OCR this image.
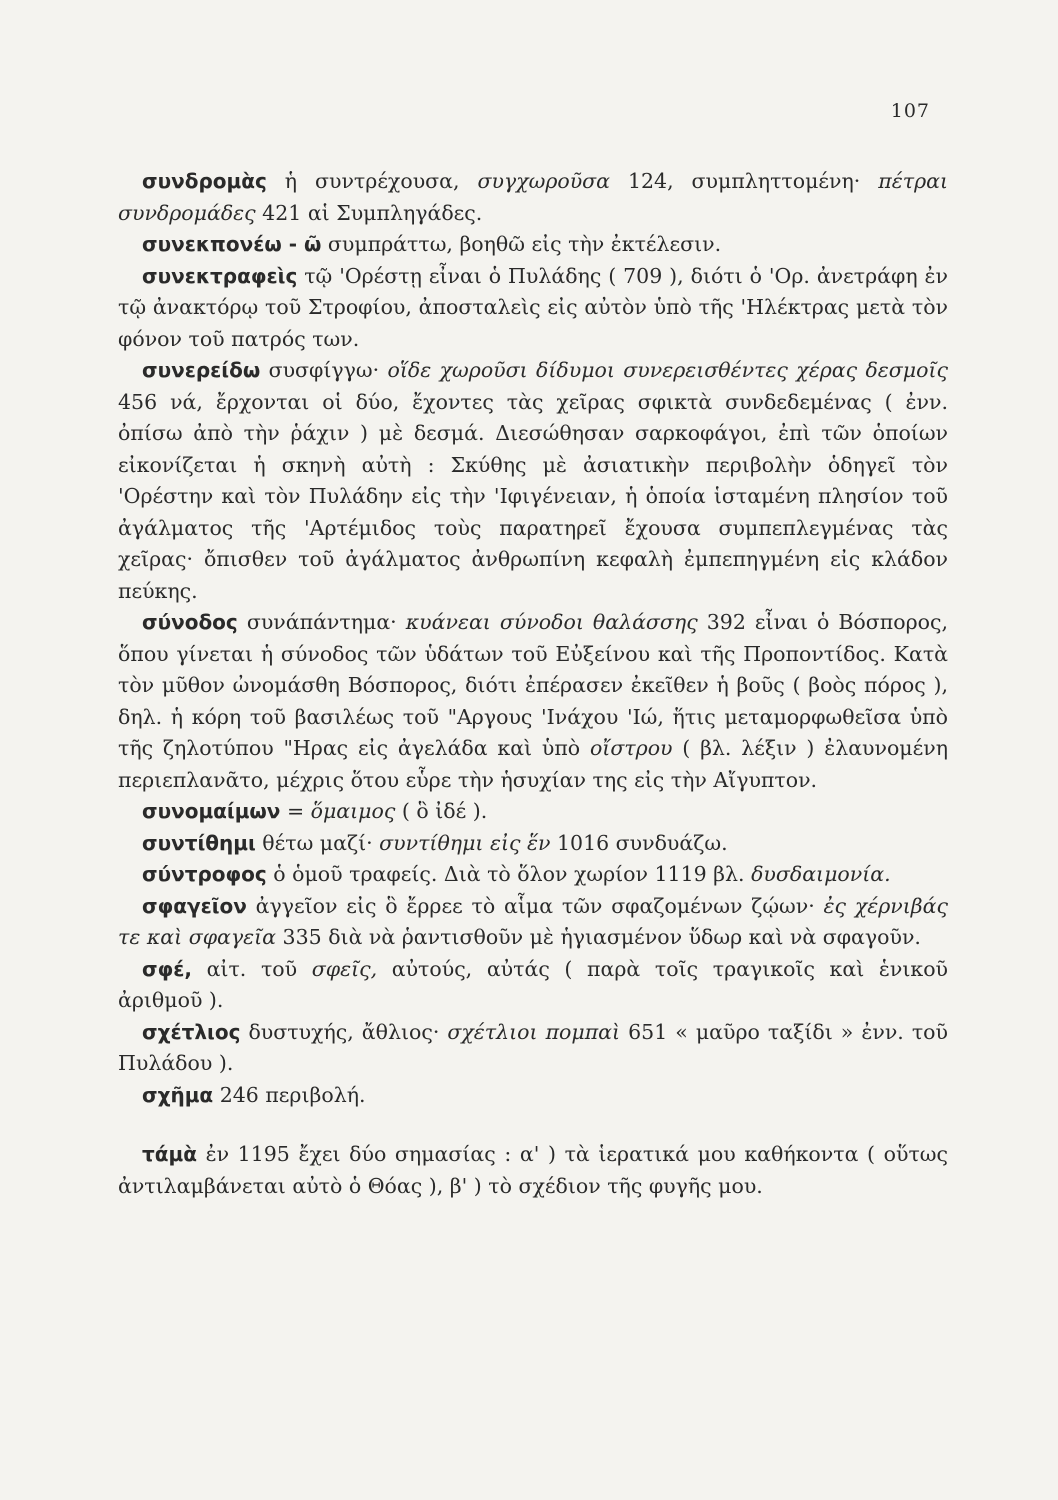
107

συνδρομὰς ἡ συντρέχουσα, συγχωροῦσα 124, συμπληττομένη· πέτραι συνδρομάδες 421 αἱ Συμπληγάδες.

συνεκπονέω - ῶ συμπράττω, βοηθῶ εἰς τὴν ἐκτέλεσιν.

συνεκτραφεὶς τῷ 'Ορέστῃ εἶναι ὁ Πυλάδης ( 709 ), διότι ὁ 'Ορ. ἀνετράφη ἐν τῷ ἀνακτόρῳ τοῦ Στροφίου, ἀποσταλεὶς εἰς αὐτὸν ὑπὸ τῆς 'Ηλέκτρας μετὰ τὸν φόνον τοῦ πατρός των.

συνερείδω συσφίγγω· οἵδε χωροῦσι δίδυμοι συνερεισθέντες χέρας δεσμοῖς 456 νά, ἔρχονται οἱ δύο, ἔχοντες τὰς χεῖρας σφικτὰ συνδεδεμένας ( ἐνν. ὀπίσω ἀπὸ τὴν ῥάχιν ) μὲ δεσμά. Διεσώθησαν σαρκοφάγοι, ἐπὶ τῶν ὁποίων εἰκονίζεται ἡ σκηνὴ αὐτὴ : Σκύθης μὲ ἀσιατικὴν περιβολὴν ὁδηγεῖ τὸν 'Ορέστην καὶ τὸν Πυλάδην εἰς τὴν 'Ιφιγένειαν, ἡ ὁποία ἱσταμένη πλησίον τοῦ ἀγάλματος τῆς 'Αρτέμιδος τοὺς παρατηρεῖ ἔχουσα συμπεπλεγμένας τὰς χεῖρας· ὄπισθεν τοῦ ἀγάλματος ἀνθρωπίνη κεφαλὴ ἐμπεπηγμένη εἰς κλάδον πεύκης.

σύνοδος συνάπάντημα· κυάνεαι σύνοδοι θαλάσσης 392 εἶναι ὁ Βόσπορος, ὅπου γίνεται ἡ σύνοδος τῶν ὑδάτων τοῦ Εὐξείνου καὶ τῆς Προποντίδος. Κατὰ τὸν μῦθον ὠνομάσθη Βόσπορος, διότι ἐπέρασεν ἐκεῖθεν ἡ βοῦς ( βοὸς πόρος ), δηλ. ἡ κόρη τοῦ βασιλέως τοῦ "Αργους 'Ινάχου 'Ιώ, ἥτις μεταμορφωθεῖσα ὑπὸ τῆς ζηλοτύπου "Ηρας εἰς ἀγελάδα καὶ ὑπὸ οἴστρου ( βλ. λέξιν ) ἐλαυνομένη περιεπλανᾶτο, μέχρις ὅτου εὗρε τὴν ἡσυχίαν της εἰς τὴν Αἴγυπτον.

συνομαίμων = ὅμαιμος ( ὃ ἰδέ ).

συντίθημι θέτω μαζί· συντίθημι εἰς ἕν 1016 συνδυάζω.

σύντροφος ὁ ὁμοῦ τραφείς. Διὰ τὸ ὅλον χωρίον 1119 βλ. δυσδαιμονία.

σφαγεῖον ἀγγεῖον εἰς ὃ ἔρρεε τὸ αἷμα τῶν σφαζομένων ζῴων· ἐς χέρνιβάς τε καὶ σφαγεῖα 335 διὰ νὰ ῥαντισθοῦν μὲ ἡγιασμένον ὕδωρ καὶ νὰ σφαγοῦν.

σφέ, αἰτ. τοῦ σφεῖς, αὐτούς, αὐτάς ( παρὰ τοῖς τραγικοῖς καὶ ἑνικοῦ ἀριθμοῦ ).

σχέτλιος δυστυχής, ἄθλιος· σχέτλιοι πομπαὶ 651 « μαῦρο ταξίδι » ἐνν. τοῦ Πυλάδου ).

σχῆμα 246 περιβολή.

τάμὰ ἐν 1195 ἔχει δύο σημασίας : α' ) τὰ ἱερατικά μου καθήκοντα ( οὕτως ἀντιλαμβάνεται αὐτὸ ὁ Θόας ), β' ) τὸ σχέδιον τῆς φυγῆς μου.
